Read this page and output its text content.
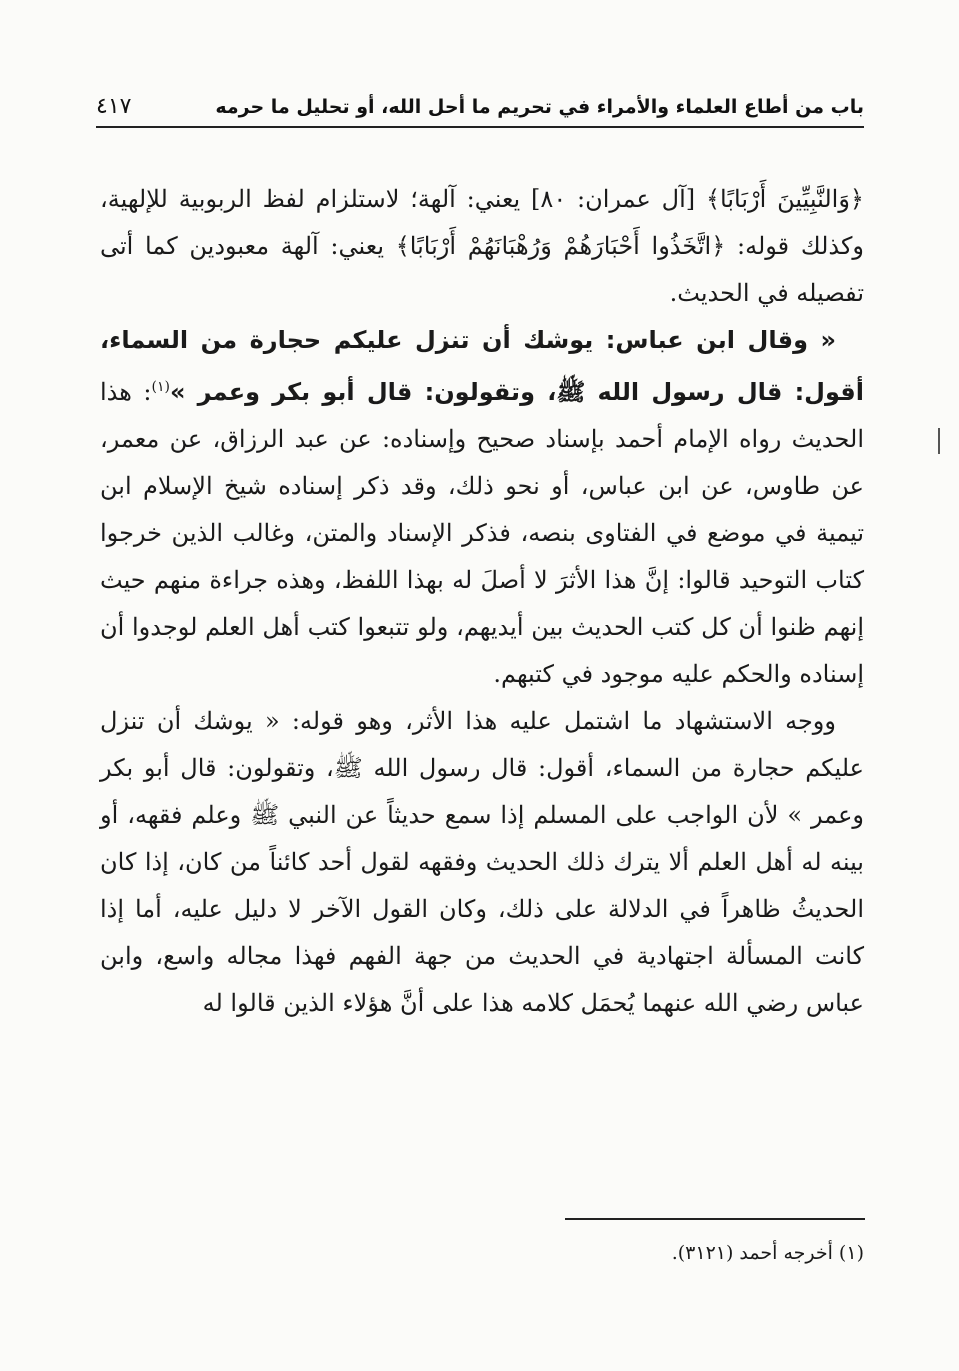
باب من أطاع العلماء والأمراء في تحريم ما أحل الله، أو تحليل ما حرمه
٤١٧

﴿وَالنَّبِيِّينَ أَرْبَابًا﴾ [آل عمران: ٨٠] يعني: آلهة؛ لاستلزام لفظ الربوبية للإلهية، وكذلك قوله: ﴿اتَّخَذُوا أَحْبَارَهُمْ وَرُهْبَانَهُمْ أَرْبَابًا﴾ يعني: آلهة معبودين كما أتى تفصيله في الحديث.

« وقال ابن عباس: يوشك أن تنزل عليكم حجارة من السماء، أقول: قال رسول الله ﷺ، وتقولون: قال أبو بكر وعمر »$^{(١)}$: هذا الحديث رواه الإمام أحمد بإسناد صحيح وإسناده: عن عبد الرزاق، عن معمر، عن طاوس، عن ابن عباس، أو نحو ذلك، وقد ذكر إسناده شيخ الإسلام ابن تيمية في موضع في الفتاوى بنصه، فذكر الإسناد والمتن، وغالب الذين خرجوا كتاب التوحيد قالوا: إنَّ هذا الأثرَ لا أصلَ له بهذا اللفظ، وهذه جراءة منهم حيث إنهم ظنوا أن كل كتب الحديث بين أيديهم، ولو تتبعوا كتب أهل العلم لوجدوا أن إسناده والحكم عليه موجود في كتبهم.

ووجه الاستشهاد ما اشتمل عليه هذا الأثر، وهو قوله: « يوشك أن تنزل عليكم حجارة من السماء، أقول: قال رسول الله ﷺ، وتقولون: قال أبو بكر وعمر » لأن الواجب على المسلم إذا سمع حديثاً عن النبي ﷺ وعلم فقهه، أو بينه له أهل العلم ألا يترك ذلك الحديث وفقهه لقول أحد كائناً من كان، إذا كان الحديثُ ظاهراً في الدلالة على ذلك، وكان القول الآخر لا دليل عليه، أما إذا كانت المسألة اجتهادية في الحديث من جهة الفهم فهذا مجاله واسع، وابن عباس رضي الله عنهما يُحمَل كلامه هذا على أنَّ هؤلاء الذين قالوا له

(١) أخرجه أحمد (٣١٢١).
